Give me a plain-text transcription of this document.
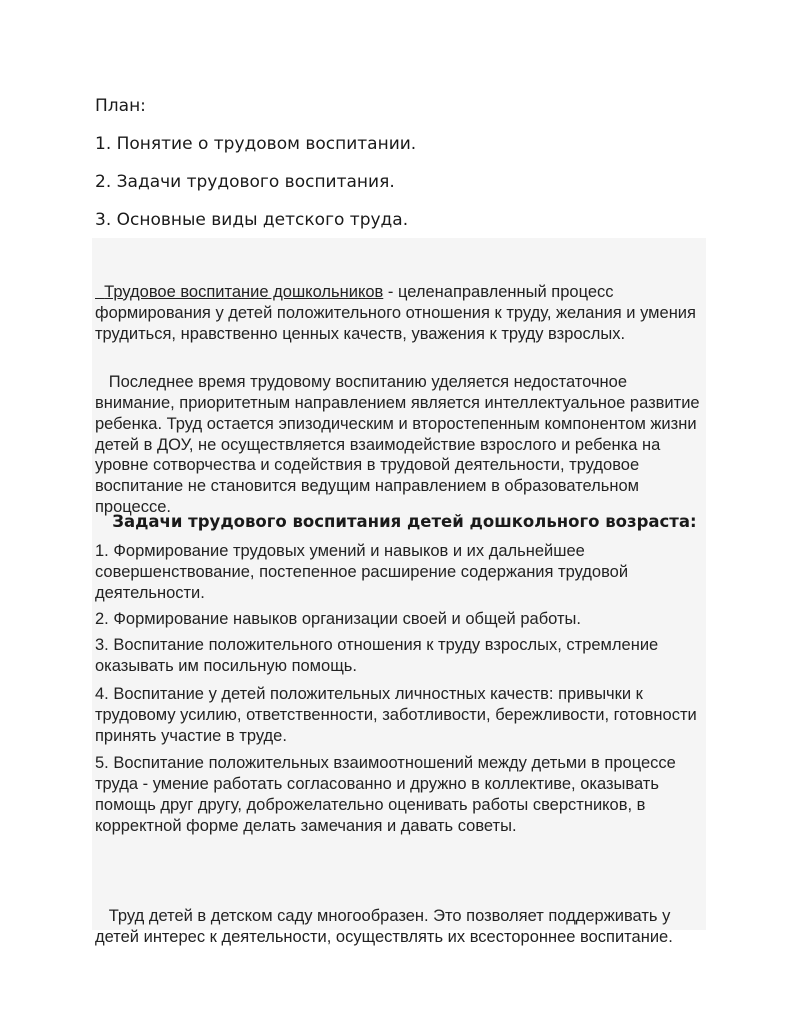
План:
1. Понятие о трудовом воспитании.
2. Задачи трудового воспитания.
3. Основные виды детского труда.

Трудовое воспитание дошкольников - целенаправленный процесс формирования у детей положительного отношения к труду, желания и умения трудиться, нравственно ценных качеств, уважения к труду взрослых.

Последнее время трудовому воспитанию уделяется недостаточное внимание, приоритетным направлением является интеллектуальное развитие ребенка. Труд остается эпизодическим и второстепенным компонентом жизни детей в ДОУ, не осуществляется взаимодействие взрослого и ребенка на уровне сотворчества и содействия в трудовой деятельности, трудовое воспитание не становится ведущим направлением в образовательном процессе.

Задачи трудового воспитания детей дошкольного возраста:

1. Формирование трудовых умений и навыков и их дальнейшее совершенствование, постепенное расширение содержания трудовой деятельности.

2. Формирование навыков организации своей и общей работы.

3. Воспитание положительного отношения к труду взрослых, стремление оказывать им посильную помощь.

4. Воспитание у детей положительных личностных качеств: привычки к трудовому усилию, ответственности, заботливости, бережливости, готовности принять участие в труде.

5. Воспитание положительных взаимоотношений между детьми в процессе труда - умение работать согласованно и дружно в коллективе, оказывать помощь друг другу, доброжелательно оценивать работы сверстников, в корректной форме делать замечания и давать советы.

Труд детей в детском саду многообразен. Это позволяет поддерживать у детей интерес к деятельности, осуществлять их всестороннее воспитание.
